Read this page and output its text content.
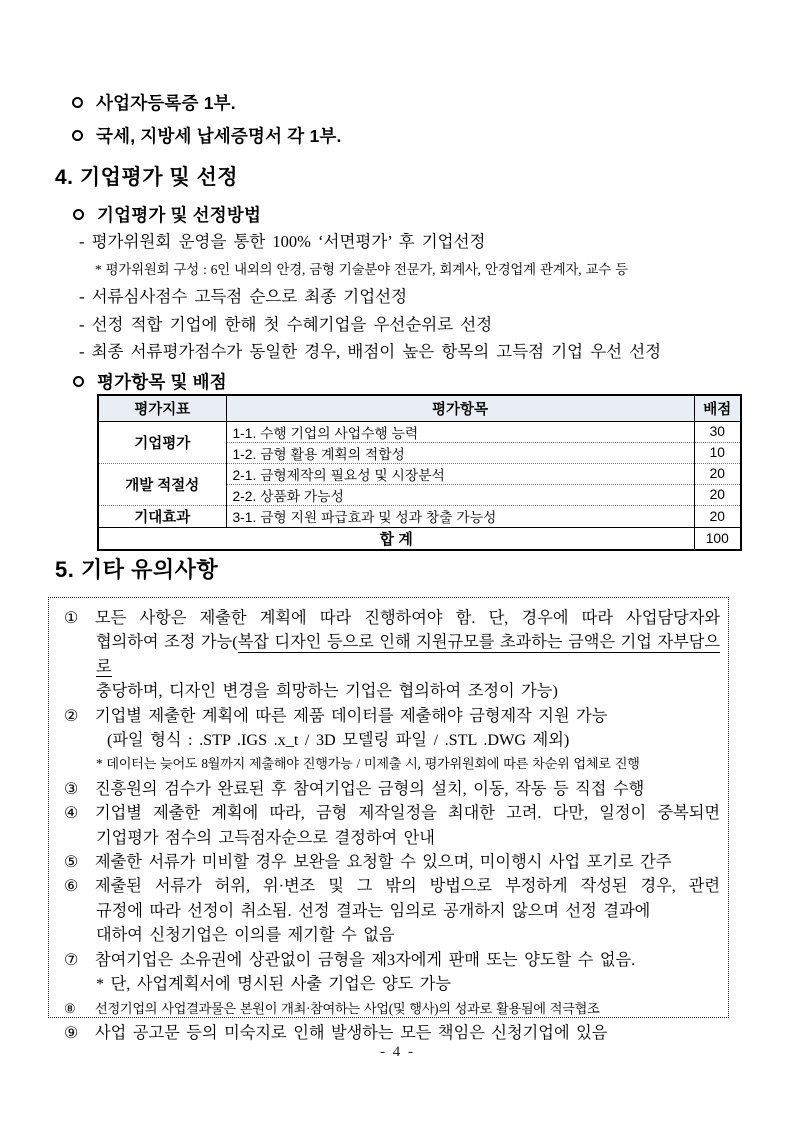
사업자등록증 1부.
국세, 지방세 납세증명서 각 1부.
4. 기업평가 및 선정
기업평가 및 선정방법
- 평가위원회 운영을 통한 100% ‘서면평가’ 후 기업선정
* 평가위원회 구성 : 6인 내외의 안경, 금형 기술분야 전문가, 회계사, 안경업계 관계자, 교수 등
- 서류심사점수 고득점 순으로 최종 기업선정
- 선정 적합 기업에 한해 첫 수혜기업을 우선순위로 선정
- 최종 서류평가점수가 동일한 경우, 배점이 높은 항목의 고득점 기업 우선 선정
평가항목 및 배점
평가지표	평가항목	배점
기업평가	1-1. 수행 기업의 사업수행 능력	30
	1-2. 금형 활용 계획의 적합성	10
개발 적절성	2-1. 금형제작의 필요성 및 시장분석	20
	2-2. 상품화 가능성	20
기대효과	3-1. 금형 지원 파급효과 및 성과 창출 가능성	20
합 계		100
5. 기타 유의사항
① 모든 사항은 제출한 계획에 따라 진행하여야 함. 단, 경우에 따라 사업담당자와
협의하여 조정 가능(복잡 디자인 등으로 인해 지원규모를 초과하는 금액은 기업 자부담으로
충당하며, 디자인 변경을 희망하는 기업은 협의하여 조정이 가능)
② 기업별 제출한 계획에 따른 제품 데이터를 제출해야 금형제작 지원 가능
(파일 형식 : .STP .IGS .x_t / 3D 모델링 파일 / .STL .DWG 제외)
* 데이터는 늦어도 8월까지 제출해야 진행가능 / 미제출 시, 평가위원회에 따른 차순위 업체로 진행
③ 진흥원의 검수가 완료된 후 참여기업은 금형의 설치, 이동, 작동 등 직접 수행
④ 기업별 제출한 계획에 따라, 금형 제작일정을 최대한 고려. 다만, 일정이 중복되면
기업평가 점수의 고득점자순으로 결정하여 안내
⑤ 제출한 서류가 미비할 경우 보완을 요청할 수 있으며, 미이행시 사업 포기로 간주
⑥ 제출된 서류가 허위, 위·변조 및 그 밖의 방법으로 부정하게 작성된 경우, 관련
규정에 따라 선정이 취소됨. 선정 결과는 임의로 공개하지 않으며 선정 결과에
대하여 신청기업은 이의를 제기할 수 없음
⑦ 참여기업은 소유권에 상관없이 금형을 제3자에게 판매 또는 양도할 수 없음.
* 단, 사업계획서에 명시된 사출 기업은 양도 가능
⑧ 선정기업의 사업결과물은 본원이 개최·참여하는 사업(및 행사)의 성과로 활용됨에 적극협조
⑨ 사업 공고문 등의 미숙지로 인해 발생하는 모든 책임은 신청기업에 있음
- 4 -
